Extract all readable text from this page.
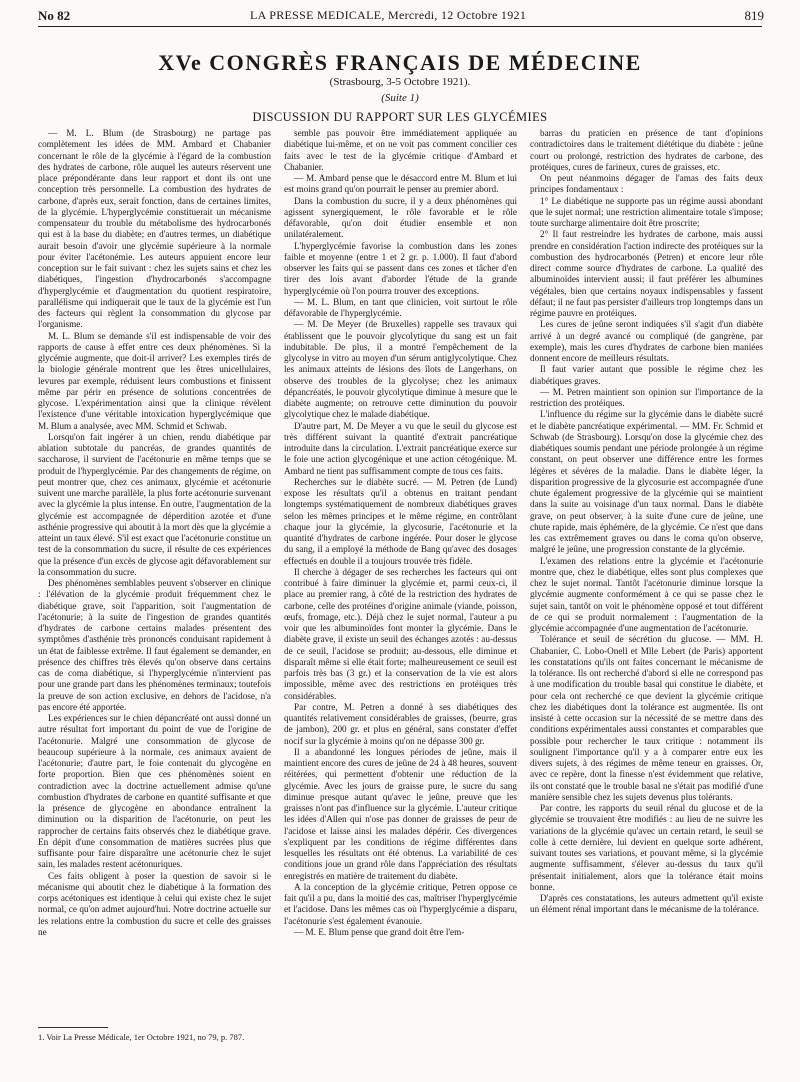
No 82	LA PRESSE MEDICALE, Mercredi, 12 Octobre 1921	819
XVe CONGRÈS FRANÇAIS DE MÉDECINE
(Strasbourg, 3-5 Octobre 1921).
(Suite 1)
DISCUSSION DU RAPPORT SUR LES GLYCÉMIES

— M. L. Blum (de Strasbourg) ne partage pas complètement les idées de MM. Ambard et Chabanier concernant le rôle de la glycémie à l'égard de la combustion des hydrates de carbone, rôle auquel les auteurs réservent une place prépondérante dans leur rapport et dont ils ont une conception très personnelle. La combustion des hydrates de carbone, d'après eux, serait fonction, dans de certaines limites, de la glycémie. L'hyperglycémie constituerait un mécanisme compensateur du trouble du métabolisme des hydrocarbonés qui est à la base du diabète; en d'autres termes, un diabétique aurait besoin d'avoir une glycémie supérieure à la normale pour éviter l'acétonémie. Les auteurs appuient encore leur conception sur le fait suivant : chez les sujets sains et chez les diabétiques, l'ingestion d'hydrocarbonés s'accompagne d'hyperglycémie et d'augmentation du quotient respiratoire, parallélisme qui indiquerait que le taux de la glycémie est l'un des facteurs qui règlent la consommation du glycose par l'organisme.

M. L. Blum se demande s'il est indispensable de voir des rapports de cause à effet entre ces deux phénomènes. Si la glycémie augmente, que doit-il arriver? Les exemples tirés de la biologie générale montrent que les êtres unicellulaires, levures par exemple, réduisent leurs combustions et finissent même par périr en présence de solutions concentrées de glycose. L'expérimentation ainsi que la clinique révèlent l'existence d'une véritable intoxication hyperglycémique que M. Blum a analysée, avec MM. Schmid et Schwab.

Lorsqu'on fait ingérer à un chien, rendu diabétique par ablation subtotale du pancréas, de grandes quantités de saccharose, il survient de l'acétonurie en même temps que se produit de l'hyperglycémie. Par des changements de régime, on peut montrer que, chez ces animaux, glycémie et acétonurie suivent une marche parallèle, la plus forte acétonurie survenant avec la glycémie la plus intense. En outre, l'augmentation de la glycémie est accompagnée de déperdition azotée et d'une asthénie progressive qui aboutit à la mort dès que la glycémie a atteint un taux élevé. S'il est exact que l'acétonurie constitue un test de la consommation du sucre, il résulte de ces expériences que la présence d'un excès de glycose agit défavorablement sur la consommation du sucre.

Des phénomènes semblables peuvent s'observer en clinique : l'élévation de la glycémie produit fréquemment chez le diabétique grave, soit l'apparition, soit l'augmentation de l'acétonurie; à la suite de l'ingestion de grandes quantités d'hydrates de carbone certains malades présentent des symptômes d'asthénie très prononcés conduisant rapidement à un état de faiblesse extrême. Il faut également se demander, en présence des chiffres très élevés qu'on observe dans certains cas de coma diabétique, si l'hyperglycémie n'intervient pas pour une grande part dans les phénomènes terminaux; toutefois la preuve de son action exclusive, en dehors de l'acidose, n'a pas encore été apportée.

Les expériences sur le chien dépancréaté ont aussi donné un autre résultat fort important du point de vue de l'origine de l'acétonurie. Malgré une consommation de glycose de beaucoup supérieure à la normale, ces animaux avaient de l'acétonurie; d'autre part, le foie contenait du glycogène en forte proportion. Bien que ces phénomènes soient en contradiction avec la doctrine actuellement admise qu'une combustion d'hydrates de carbone en quantité suffisante et que la présence de glycogène en abondance entraînent la diminution ou la disparition de l'acétonurie, on peut les rapprocher de certains faits observés chez le diabétique grave. En dépit d'une consommation de matières sucrées plus que suffisante pour faire disparaître une acétonurie chez le sujet sain, les malades restent acétonuriques.

Ces faits obligent à poser la question de savoir si le mécanisme qui aboutit chez le diabétique à la formation des corps acétoniques est identique à celui qui existe chez le sujet normal, ce qu'on admet aujourd'hui. Notre doctrine actuelle sur les relations entre la combustion du sucre et celle des graisses ne

semble pas pouvoir être immédiatement appliquée au diabétique lui-même, et on ne voit pas comment concilier ces faits avec le test de la glycémie critique d'Ambard et Chabanier.

— M. Ambard pense que le désaccord entre M. Blum et lui est moins grand qu'on pourrait le penser au premier abord.

Dans la combustion du sucre, il y a deux phénomènes qui agissent synergiquement, le rôle favorable et le rôle défavorable, qu'on doit étudier ensemble et non unilatéralement.

L'hyperglycémie favorise la combustion dans les zones faible et moyenne (entre 1 et 2 gr. p. 1.000). Il faut d'abord observer les faits qui se passent dans ces zones et tâcher d'en tirer des lois avant d'aborder l'étude de la grande hyperglycémie où l'on pourra trouver des exceptions.

— M. L. Blum, en tant que clinicien, voit surtout le rôle défavorable de l'hyperglycémie.

— M. De Meyer (de Bruxelles) rappelle ses travaux qui établissent que le pouvoir glycolytique du sang est un fait indubitable. De plus, il a montré l'empêchement de la glycolyse in vitro au moyen d'un sérum antiglycolytique. Chez les animaux atteints de lésions des îlots de Langerhans, on observe des troubles de la glycolyse; chez les animaux dépancréatés, le pouvoir glycolytique diminue à mesure que le diabète augmente; on retrouve cette diminution du pouvoir glycolytique chez le malade diabétique.

D'autre part, M. De Meyer a vu que le seuil du glycose est très différent suivant la quantité d'extrait pancréatique introduite dans la circulation. L'extrait pancréatique exerce sur le foie une action glycogénique et une action cétogénique. M. Ambard ne tient pas suffisamment compte de tous ces faits.

Recherches sur le diabète sucré. — M. Petren (de Lund) expose les résultats qu'il a obtenus en traitant pendant longtemps systématiquement de nombreux diabétiques graves selon les mêmes principes et le même régime, en contrôlant chaque jour la glycémie, la glycosurie, l'acétonurie et la quantité d'hydrates de carbone ingérée. Pour doser le glycose du sang, il a employé la méthode de Bang qu'avec des dosages effectués en double il a toujours trouvée très fidèle.

Il cherche à dégager de ses recherches les facteurs qui ont contribué à faire diminuer la glycémie et, parmi ceux-ci, il place au premier rang, à côté de la restriction des hydrates de carbone, celle des protéines d'origine animale (viande, poisson, œufs, fromage, etc.). Déjà chez le sujet normal, l'auteur a pu voir que les albuminoïdes font monter la glycémie. Dans le diabète grave, il existe un seuil des échanges azotés : au-dessus de ce seuil, l'acidose se produit; au-dessous, elle diminue et disparaît même si elle était forte; malheureusement ce seuil est parfois très bas (3 gr.) et la conservation de la vie est alors impossible, même avec des restrictions en protéiques très considérables.

Par contre, M. Petren a donné à ses diabétiques des quantités relativement considérables de graisses, (beurre, gras de jambon), 200 gr. et plus en général, sans constater d'effet nocif sur la glycémie à moins qu'on ne dépasse 300 gr.

Il a abandonné les longues périodes de jeûne, mais il maintient encore des cures de jeûne de 24 à 48 heures, souvent réitérées, qui permettent d'obtenir une réduction de la glycémie. Avec les jours de graisse pure, le sucre du sang diminue presque autant qu'avec le jeûne, preuve que les graisses n'ont pas d'influence sur la glycémie. L'auteur critique les idées d'Allen qui n'ose pas donner de graisses de peur de l'acidose et laisse ainsi les malades dépérir. Ces divergences s'expliquent par les conditions de régime différentes dans lesquelles les résultats ont été obtenus. La variabilité de ces conditions joue un grand rôle dans l'appréciation des résultats enregistrés en matière de traitement du diabète.

A la conception de la glycémie critique, Petren oppose ce fait qu'il a pu, dans la moitié des cas, maîtriser l'hyperglycémie et l'acidose. Dans les mêmes cas où l'hyperglycémie a disparu, l'acétonurie s'est également évanouie.

— M. E. Blum pense que grand doit être l'em-

barras du praticien en présence de tant d'opinions contradictoires dans le traitement diététique du diabète : jeûne court ou prolongé, restriction des hydrates de carbone, des protéiques, cures de farineux, cures de graisses, etc.

On peut néanmoins dégager de l'amas des faits deux principes fondamentaux :

1° Le diabétique ne supporte pas un régime aussi abondant que le sujet normal; une restriction alimentaire totale s'impose; toute surcharge alimentaire doit être proscrite;

2° Il faut restreindre les hydrates de carbone, mais aussi prendre en considération l'action indirecte des protéiques sur la combustion des hydrocarbonés (Petren) et encore leur rôle direct comme source d'hydrates de carbone. La qualité des albuminoïdes intervient aussi; il faut préférer les albumines végétales, bien que certains noyaux indispensables y fassent défaut; il ne faut pas persister d'ailleurs trop longtemps dans un régime pauvre en protéiques.

Les cures de jeûne seront indiquées s'il s'agit d'un diabète arrivé à un degré avancé ou compliqué (de gangrène, par exemple), mais les cures d'hydrates de carbone bien maniées donnent encore de meilleurs résultats.

Il faut varier autant que possible le régime chez les diabétiques graves.

— M. Petren maintient son opinion sur l'importance de la restriction des protéiques.

L'influence du régime sur la glycémie dans le diabète sucré et le diabète pancréatique expérimental. — MM. Fr. Schmid et Schwab (de Strasbourg). Lorsqu'on dose la glycémie chez des diabétiques soumis pendant une période prolongée à un régime constant, on peut observer une différence entre les formes légères et sévères de la maladie. Dans le diabète léger, la disparition progressive de la glycosurie est accompagnée d'une chute également progressive de la glycémie qui se maintient dans la suite au voisinage d'un taux normal. Dans le diabète grave, on peut observer, à la suite d'une cure de jeûne, une chute rapide, mais éphémère, de la glycémie. Ce n'est que dans les cas extrêmement graves ou dans le coma qu'on observe, malgré le jeûne, une progression constante de la glycémie.

L'examen des relations entre la glycémie et l'acétonurie montre que, chez le diabétique, elles sont plus complexes que chez le sujet normal. Tantôt l'acétonurie diminue lorsque la glycémie augmente conformément à ce qui se passe chez le sujet sain, tantôt on voit le phénomène opposé et tout différent de ce qui se produit normalement : l'augmentation de la glycémie accompagnée d'une augmentation de l'acétonurie.

Tolérance et seuil de sécrétion du glucose. — MM. H. Chabanier, C. Lobo-Onell et Mlle Lebert (de Paris) apportent les constatations qu'ils ont faites concernant le mécanisme de la tolérance. Ils ont recherché d'abord si elle ne correspond pas à une modification du trouble basal qui constitue le diabète, et pour cela ont recherché ce que devient la glycémie critique chez les diabétiques dont la tolérance est augmentée. Ils ont insisté à cette occasion sur la nécessité de se mettre dans des conditions expérimentales aussi constantes et comparables que possible pour rechercher le taux critique : notamment ils soulignent l'importance qu'il y a à comparer entre eux les divers sujets, à des régimes de même teneur en graisses. Or, avec ce repère, dont la finesse n'est évidemment que relative, ils ont constaté que le trouble basal ne s'était pas modifié d'une manière sensible chez les sujets devenus plus tolérants.

Par contre, les rapports du seuil rénal du glucose et de la glycémie se trouvaient être modifiés : au lieu de ne suivre les variations de la glycémie qu'avec un certain retard, le seuil se colle à cette dernière, lui devient en quelque sorte adhérent, suivant toutes ses variations, et pouvant même, si la glycémie augmente suffisamment, s'élever au-dessus du taux qu'il présentait initialement, alors que la tolérance était moins bonne.

D'après ces constatations, les auteurs admettent qu'il existe un élément rénal important dans le mécanisme de la tolérance.

1. Voir La Presse Médicale, 1er Octobre 1921, no 79, p. 787.
